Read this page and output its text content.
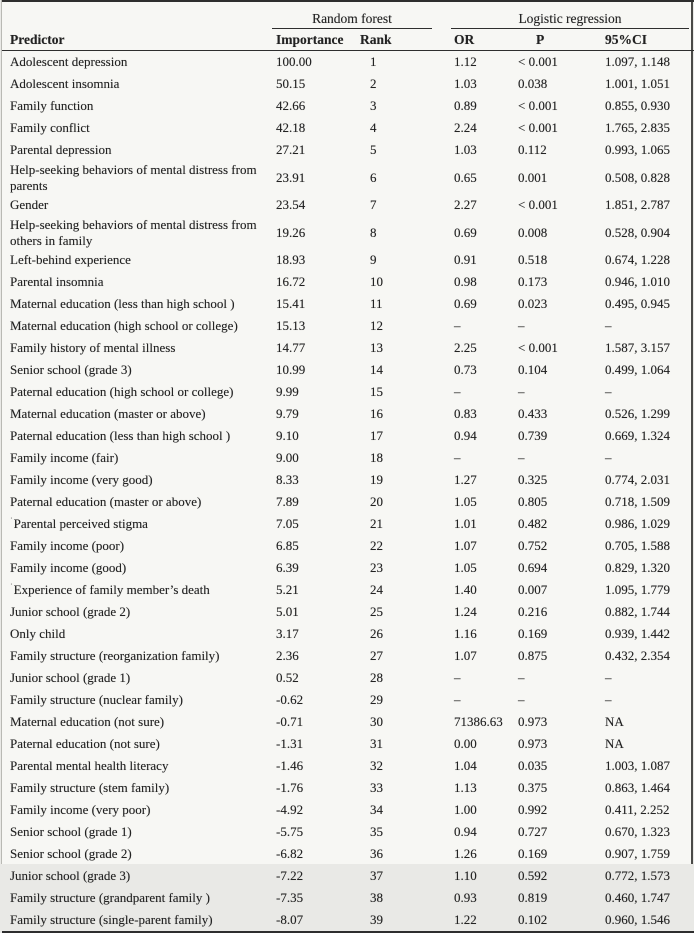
	Random forest		Logistic regression		

Predictor	Importance	Rank	OR	P	95%CI
Adolescent depression	100.00	1	1.12	< 0.001	1.097, 1.148
Adolescent insomnia	50.15	2	1.03	0.038	1.001, 1.051
Family function	42.66	3	0.89	< 0.001	0.855, 0.930
Family conflict	42.18	4	2.24	< 0.001	1.765, 2.835
Parental depression	27.21	5	1.03	0.112	0.993, 1.065
Help-seeking behaviors of mental distress from parents	23.91	6	0.65	0.001	0.508, 0.828
Gender	23.54	7	2.27	< 0.001	1.851, 2.787
Help-seeking behaviors of mental distress from others in family	19.26	8	0.69	0.008	0.528, 0.904
Left-behind experience	18.93	9	0.91	0.518	0.674, 1.228
Parental insomnia	16.72	10	0.98	0.173	0.946, 1.010
Maternal education (less than high school )	15.41	11	0.69	0.023	0.495, 0.945
Maternal education (high school or college)	15.13	12	–	–	–
Family history of mental illness	14.77	13	2.25	< 0.001	1.587, 3.157
Senior school (grade 3)	10.99	14	0.73	0.104	0.499, 1.064
Paternal education (high school or college)	9.99	15	–	–	–
Maternal education (master or above)	9.79	16	0.83	0.433	0.526, 1.299
Paternal education (less than high school )	9.10	17	0.94	0.739	0.669, 1.324
Family income (fair)	9.00	18	–	–	–
Family income (very good)	8.33	19	1.27	0.325	0.774, 2.031
Paternal education (master or above)	7.89	20	1.05	0.805	0.718, 1.509
˙Parental perceived stigma	7.05	21	1.01	0.482	0.986, 1.029
Family income (poor)	6.85	22	1.07	0.752	0.705, 1.588
Family income (good)	6.39	23	1.05	0.694	0.829, 1.320
˙Experience of family member’s death	5.21	24	1.40	0.007	1.095, 1.779
Junior school (grade 2)	5.01	25	1.24	0.216	0.882, 1.744
Only child	3.17	26	1.16	0.169	0.939, 1.442
Family structure (reorganization family)	2.36	27	1.07	0.875	0.432, 2.354
Junior school (grade 1)	0.52	28	–	–	–
Family structure (nuclear family)	-0.62	29	–	–	–
Maternal education (not sure)	-0.71	30	71386.63	0.973	NA
Paternal education (not sure)	-1.31	31	0.00	0.973	NA
Parental mental health literacy	-1.46	32	1.04	0.035	1.003, 1.087
Family structure (stem family)	-1.76	33	1.13	0.375	0.863, 1.464
Family income (very poor)	-4.92	34	1.00	0.992	0.411, 2.252
Senior school (grade 1)	-5.75	35	0.94	0.727	0.670, 1.323
Senior school (grade 2)	-6.82	36	1.26	0.169	0.907, 1.759
Junior school (grade 3)	-7.22	37	1.10	0.592	0.772, 1.573
Family structure (grandparent family )	-7.35	38	0.93	0.819	0.460, 1.747
Family structure (single-parent family)	-8.07	39	1.22	0.102	0.960, 1.546
